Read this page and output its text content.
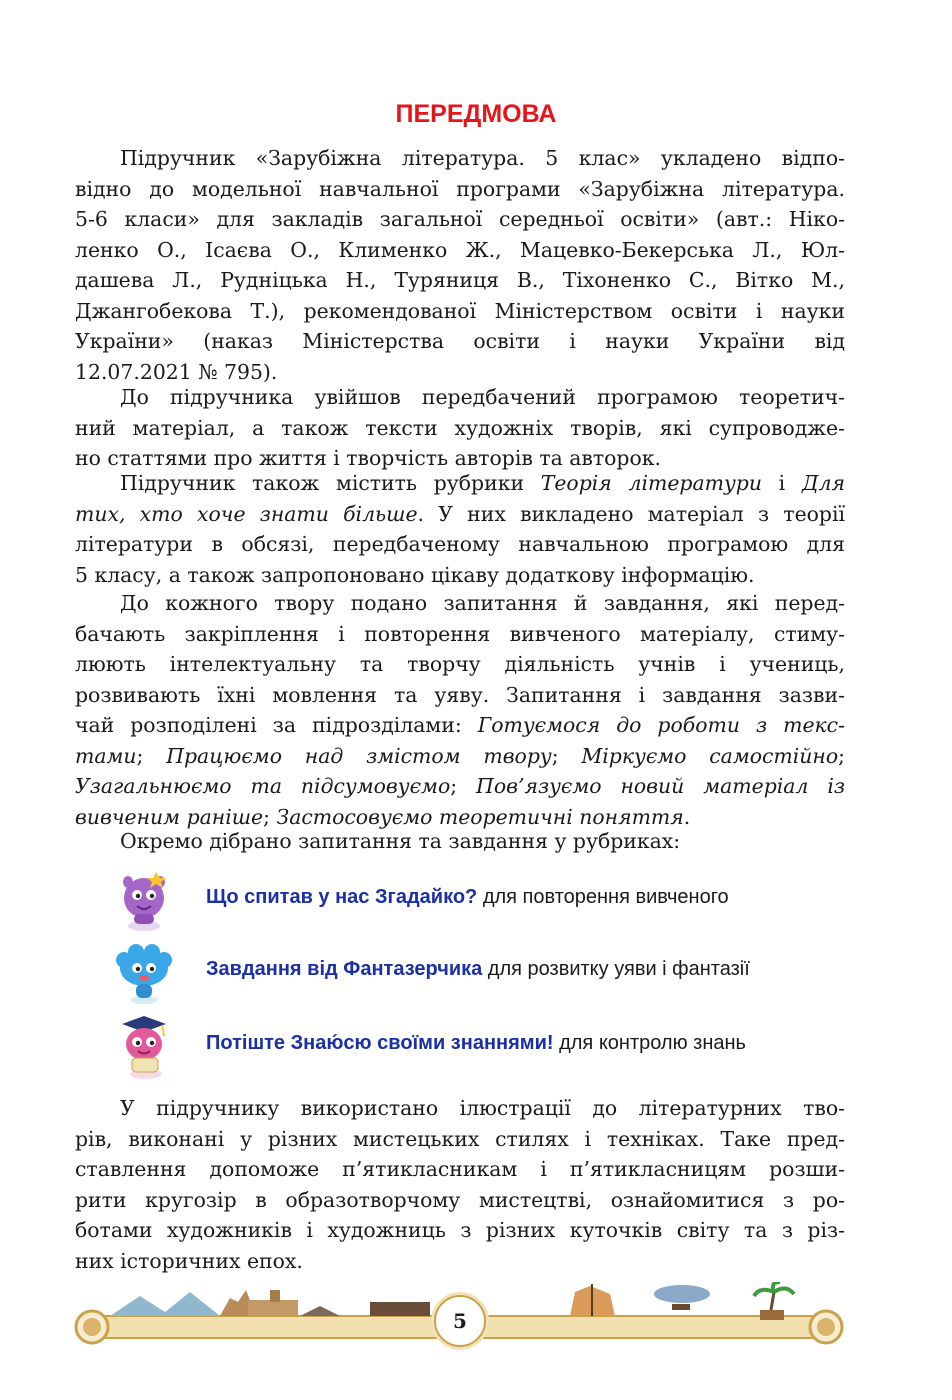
ПЕРЕДМОВА
Підручник «Зарубіжна література. 5 клас» укладено відпо-
відно до модельної навчальної програми «Зарубіжна література.
5-6 класи» для закладів загальної середньої освіти» (авт.: Ніко-
ленко О., Ісаєва О., Клименко Ж., Мацевко-Бекерська Л., Юл-
дашева Л., Рудніцька Н., Туряниця В., Тіхоненко С., Вітко М.,
Джангобекова Т.), рекомендованої Міністерством освіти і науки
України» (наказ Міністерства освіти і науки України від
12.07.2021 № 795).
До підручника увійшов передбачений програмою теоретич-
ний матеріал, а також тексти художніх творів, які супроводже-
но статтями про життя і творчість авторів та авторок.
Підручник також містить рубрики Теорія літератури і Для
тих, хто хоче знати більше. У них викладено матеріал з теорії
літератури в обсязі, передбаченому навчальною програмою для
5 класу, а також запропоновано цікаву додаткову інформацію.
До кожного твору подано запитання й завдання, які перед-
бачають закріплення і повторення вивченого матеріалу, стиму-
люють інтелектуальну та творчу діяльність учнів і учениць,
розвивають їхні мовлення та уяву. Запитання і завдання зазви-
чай розподілені за підрозділами: Готуємося до роботи з текс-
тами; Працюємо над змістом твору; Міркуємо самостійно;
Узагальнюємо та підсумовуємо; Пов’язуємо новий матеріал із
вивченим раніше; Застосовуємо теоретичні поняття.
Окремо дібрано запитання та завдання у рубриках:
Що спитав у нас Згадайко? для повторення вивченого
Завдання від Фантазерчика для розвитку уяви і фантазії
Потіште Знаю́сю своїми знаннями! для контролю знань
У підручнику використано ілюстрації до літературних тво-
рів, виконані у різних мистецьких стилях і техніках. Таке пред-
ставлення допоможе п’ятикласникам і п’ятикласницям розши-
рити кругозір в образотворчому мистецтві, ознайомитися з ро-
ботами художників і художниць з різних куточків світу та з різ-
них історичних епох.
5
